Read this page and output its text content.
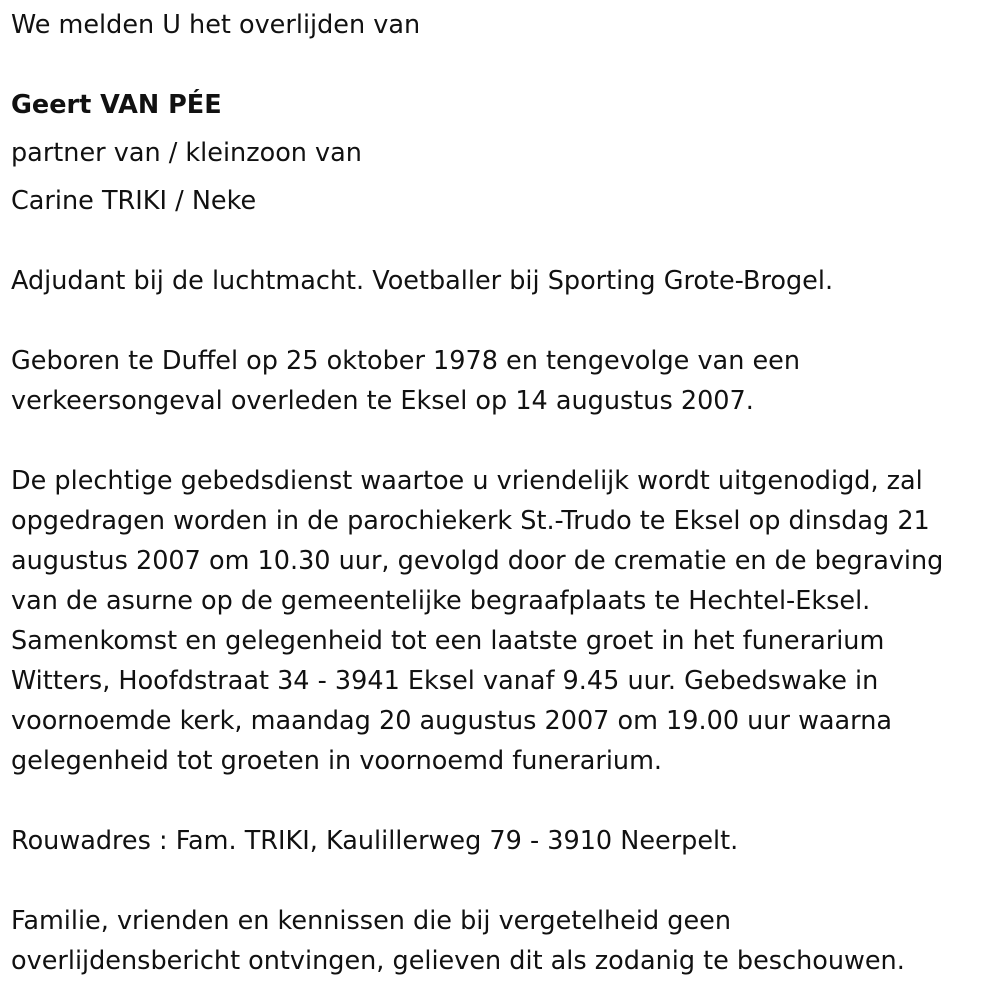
We melden U het overlijden van
Geert VAN PÉE
partner van / kleinzoon van
Carine TRIKI / Neke
Adjudant bij de luchtmacht. Voetballer bij Sporting Grote-Brogel.
Geboren te Duffel op 25 oktober 1978 en tengevolge van een
verkeersongeval overleden te Eksel op 14 augustus 2007.
De plechtige gebedsdienst waartoe u vriendelijk wordt uitgenodigd, zal
opgedragen worden in de parochiekerk St.-Trudo te Eksel op dinsdag 21
augustus 2007 om 10.30 uur, gevolgd door de crematie en de begraving
van de asurne op de gemeentelijke begraafplaats te Hechtel-Eksel.
Samenkomst en gelegenheid tot een laatste groet in het funerarium
Witters, Hoofdstraat 34 - 3941 Eksel vanaf 9.45 uur. Gebedswake in
voornoemde kerk, maandag 20 augustus 2007 om 19.00 uur waarna
gelegenheid tot groeten in voornoemd funerarium.
Rouwadres : Fam. TRIKI, Kaulillerweg 79 - 3910 Neerpelt.
Familie, vrienden en kennissen die bij vergetelheid geen
overlijdensbericht ontvingen, gelieven dit als zodanig te beschouwen.
